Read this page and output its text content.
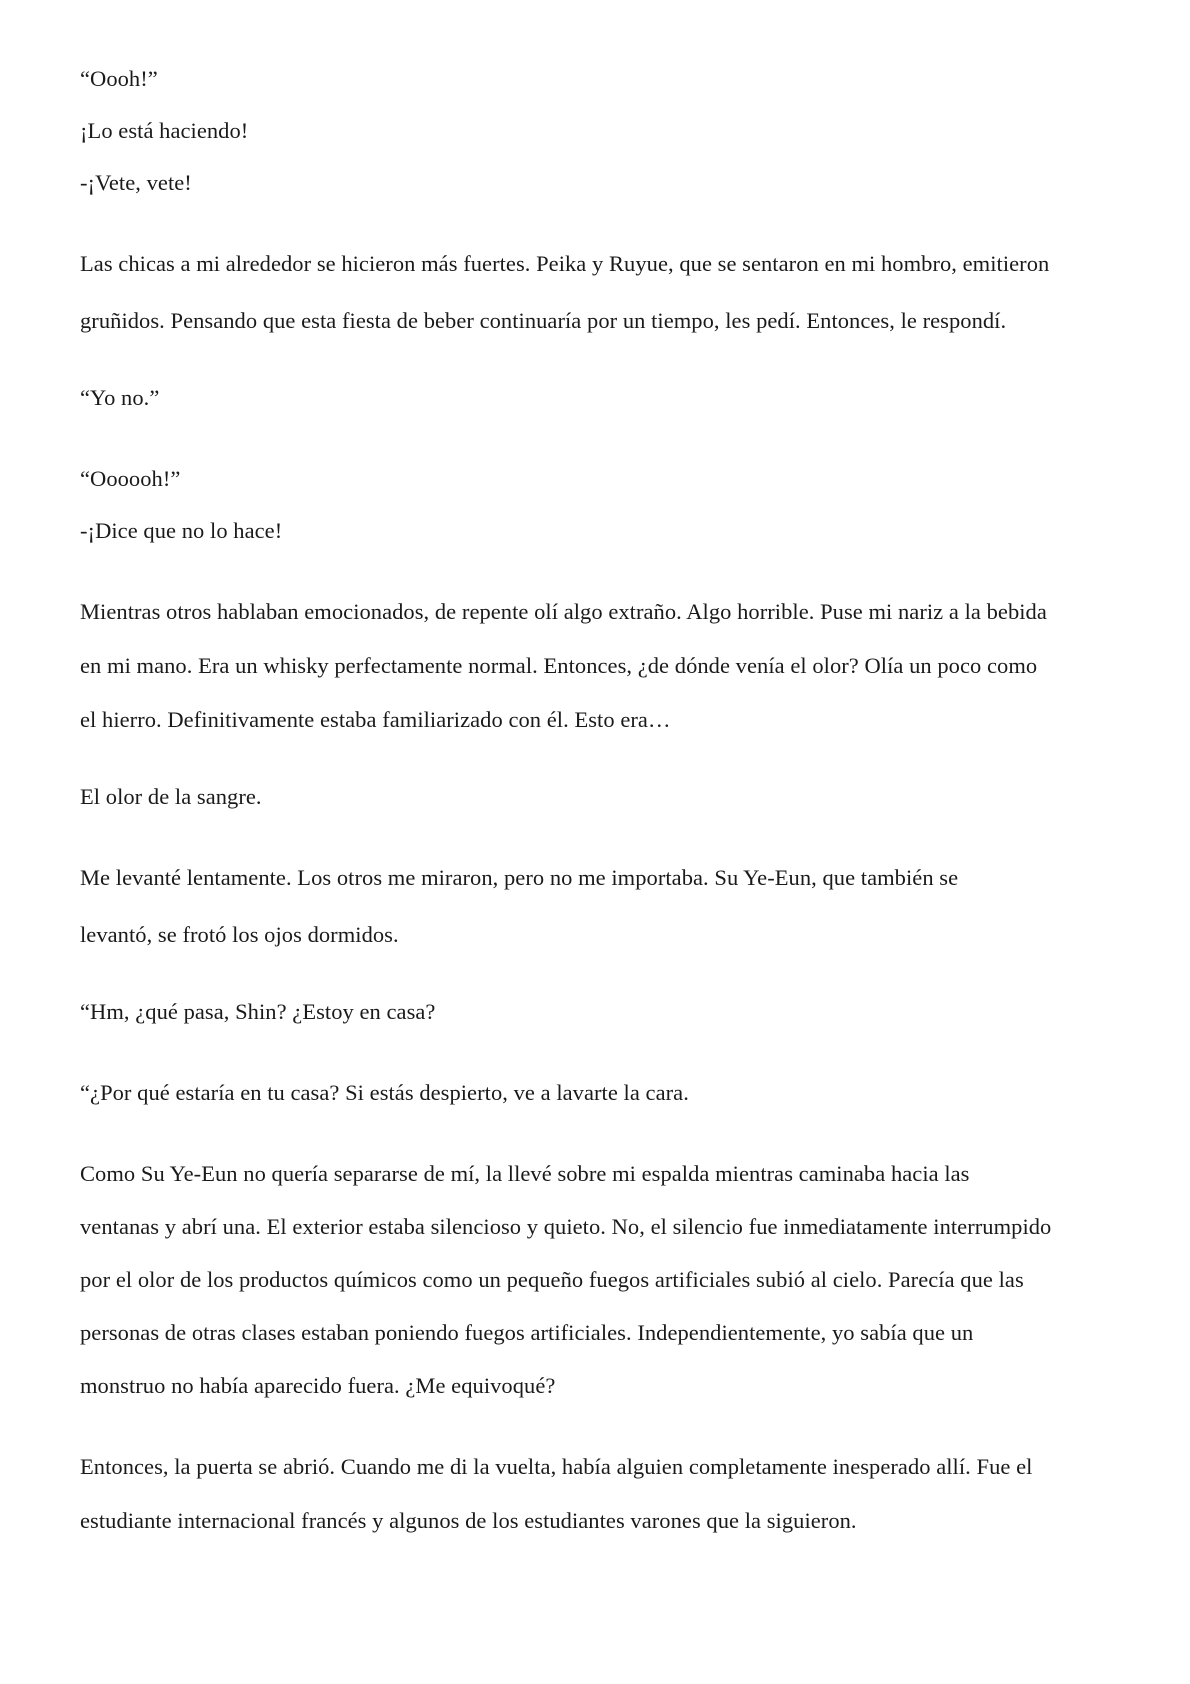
“Oooh!”

¡Lo está haciendo!

-¡Vete, vete!

Las chicas a mi alrededor se hicieron más fuertes. Peika y Ruyue, que se sentaron en mi hombro, emitieron

gruñidos. Pensando que esta fiesta de beber continuaría por un tiempo, les pedí. Entonces, le respondí.

“Yo no.”

“Oooooh!”

-¡Dice que no lo hace!

Mientras otros hablaban emocionados, de repente olí algo extraño. Algo horrible. Puse mi nariz a la bebida

en mi mano. Era un whisky perfectamente normal. Entonces, ¿de dónde venía el olor? Olía un poco como

el hierro. Definitivamente estaba familiarizado con él. Esto era…

El olor de la sangre.

Me levanté lentamente. Los otros me miraron, pero no me importaba. Su Ye-Eun, que también se

levantó, se frotó los ojos dormidos.

“Hm, ¿qué pasa, Shin? ¿Estoy en casa?

“¿Por qué estaría en tu casa? Si estás despierto, ve a lavarte la cara.

Como Su Ye-Eun no quería separarse de mí, la llevé sobre mi espalda mientras caminaba hacia las

ventanas y abrí una. El exterior estaba silencioso y quieto. No, el silencio fue inmediatamente interrumpido

por el olor de los productos químicos como un pequeño fuegos artificiales subió al cielo. Parecía que las

personas de otras clases estaban poniendo fuegos artificiales. Independientemente, yo sabía que un

monstruo no había aparecido fuera. ¿Me equivoqué?

Entonces, la puerta se abrió. Cuando me di la vuelta, había alguien completamente inesperado allí. Fue el

estudiante internacional francés y algunos de los estudiantes varones que la siguieron.
